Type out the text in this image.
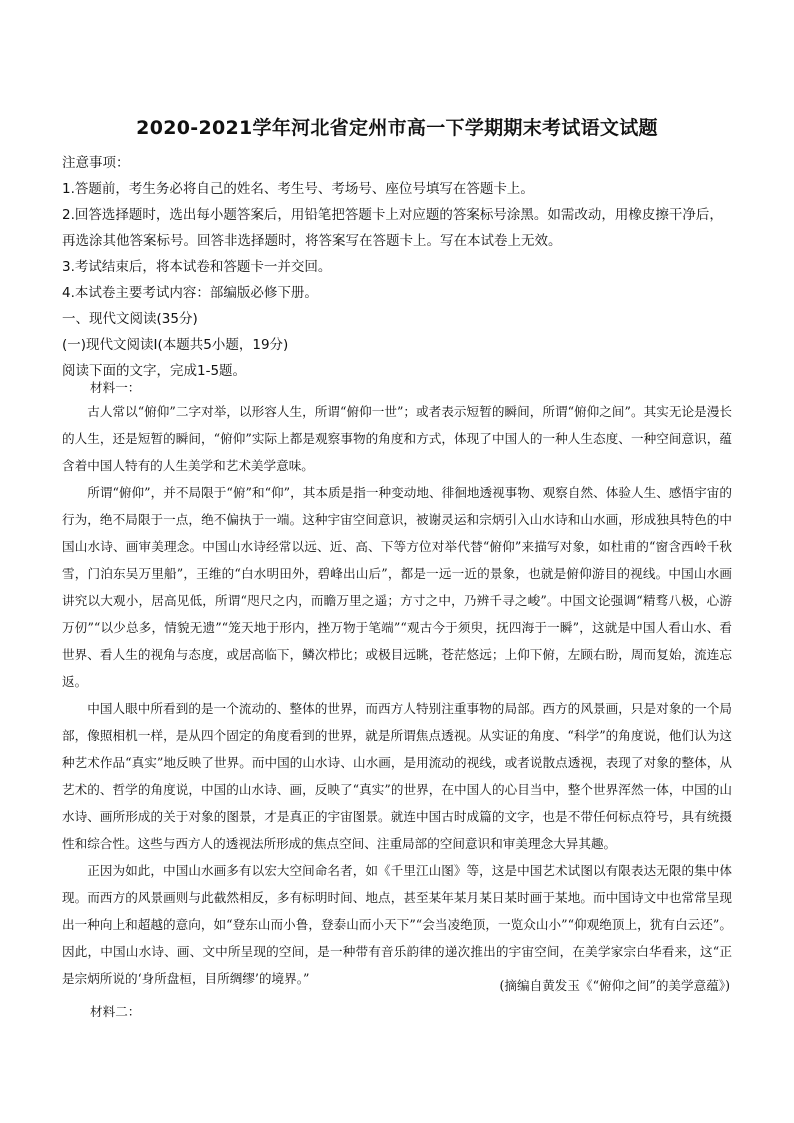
2020-2021学年河北省定州市高一下学期期末考试语文试题

注意事项：

1.答题前，考生务必将自己的姓名、考生号、考场号、座位号填写在答题卡上。

2.回答选择题时，选出每小题答案后，用铅笔把答题卡上对应题的答案标号涂黑。如需改动，用橡皮擦干净后，

再选涂其他答案标号。回答非选择题时，将答案写在答题卡上。写在本试卷上无效。

3.考试结束后，将本试卷和答题卡一并交回。

4.本试卷主要考试内容：部编版必修下册。

一、现代文阅读(35分)

(一)现代文阅读Ⅰ(本题共5小题，19分)

阅读下面的文字，完成1-5题。

材料一：

古人常以“俯仰”二字对举，以形容人生，所谓“俯仰一世”；或者表示短暂的瞬间，所谓“俯仰之间”。其实无论是漫长的人生，还是短暂的瞬间，“俯仰”实际上都是观察事物的角度和方式，体现了中国人的一种人生态度、一种空间意识，蕴含着中国人特有的人生美学和艺术美学意味。

所谓“俯仰”，并不局限于“俯”和“仰”，其本质是指一种变动地、徘徊地透视事物、观察自然、体验人生、感悟宇宙的行为，绝不局限于一点，绝不偏执于一端。这种宇宙空间意识，被谢灵运和宗炳引入山水诗和山水画，形成独具特色的中国山水诗、画审美理念。中国山水诗经常以远、近、高、下等方位对举代替“俯仰”来描写对象，如杜甫的“窗含西岭千秋雪，门泊东吴万里船”，王维的“白水明田外，碧峰出山后”，都是一远一近的景象，也就是俯仰游目的视线。中国山水画讲究以大观小，居高见低，所谓“咫尺之内，而瞻万里之遥；方寸之中，乃辨千寻之峻”。中国文论强调“精骛八极，心游万仞”“以少总多，情貌无遗”“笼天地于形内，挫万物于笔端”“观古今于须臾，抚四海于一瞬”，这就是中国人看山水、看世界、看人生的视角与态度，或居高临下，鳞次栉比；或极目远眺，苍茫悠远；上仰下俯，左顾右盼，周而复始，流连忘返。

中国人眼中所看到的是一个流动的、整体的世界，而西方人特别注重事物的局部。西方的风景画，只是对象的一个局部，像照相机一样，是从四个固定的角度看到的世界，就是所谓焦点透视。从实证的角度、“科学”的角度说，他们认为这种艺术作品“真实”地反映了世界。而中国的山水诗、山水画，是用流动的视线，或者说散点透视，表现了对象的整体，从艺术的、哲学的角度说，中国的山水诗、画，反映了“真实”的世界，在中国人的心目当中，整个世界浑然一体，中国的山水诗、画所形成的关于对象的图景，才是真正的宇宙图景。就连中国古时成篇的文字，也是不带任何标点符号，具有统摄性和综合性。这些与西方人的透视法所形成的焦点空间、注重局部的空间意识和审美理念大异其趣。

正因为如此，中国山水画多有以宏大空间命名者，如《千里江山图》等，这是中国艺术试图以有限表达无限的集中体现。而西方的风景画则与此截然相反，多有标明时间、地点，甚至某年某月某日某时画于某地。而中国诗文中也常常呈现出一种向上和超越的意向，如“登东山而小鲁，登泰山而小天下”“会当凌绝顶，一览众山小”“仰观绝顶上，犹有白云还”。因此，中国山水诗、画、文中所呈现的空间，是一种带有音乐韵律的递次推出的宇宙空间，在美学家宗白华看来，这“正是宗炳所说的‘身所盘桓，目所绸缪’的境界。”	(摘编自黄发玉《“俯仰之间”的美学意蕴》)
材料二：
